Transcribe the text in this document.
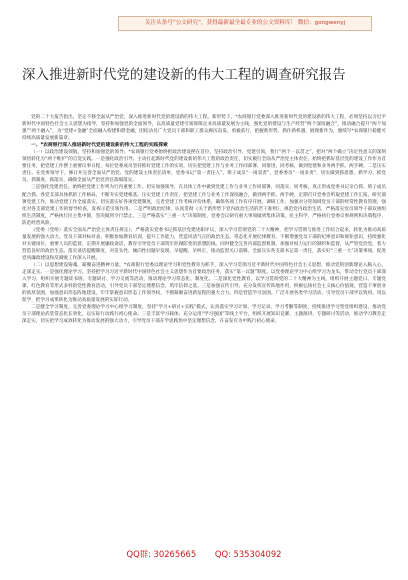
关注头条号“公文研究”，获得最新最全最专业的公文资料库！ 微信：gongwenyj
深入推进新时代党的建设新的伟大工程的调查研究报告

党的二十大报告指出，坚定不移全面从严治党，深入推进新时代党的建设新的伟大工程。新形势下，*农商银行党委深入推进新时代党的建设新的伟大工程，必须坚持以习近平新时代中国特色社会主义思想为指导，坚持和加强党的全面领导，以高质量党建引领保障企业高质量发展为主线，强化党的建设与生产经营“两个深度融合”，推动融合提升“两个加强”“两个融入”，为“党建+金融”全面融入构建和谐金融，团结动员广大党员干部和职工群众踔厉奋发、勇毅前行，把握新形势、抓住新机遇，展现新作为，强续写*农商银行稳健可持续高质量发展新篇章。

一、*农商银行深入推进新时代党的建设新的伟大工程的实践探索

（一）以政治建设领航，坚持和加强党的领导。*农商银行党委始终把政治建设摆在首位，坚持政治引导、党建引领，我行“两个一以贯之”，把对“两个确立”决定性意义的深刻领悟转化为“两个维护”的自觉实践。一是强化政治引导。主动扛起新时代党的建设新的伟大工程的政治责任，切实履行全面从严治党主体责任，始终把抓好基层党的建设工作作为首要任务，把党建工作摆上重要议事日程，每位党委成员坚持抓好党建工作的实效，切实把党建工作与业务工作同部署、同推进、同考核，做到党建和业务两手抓、两手硬。二是压实责任。在党委领导下，修订并完善全面从严治党、党的建设主体责任清单，党委书记“第一责任人”，班子成员“一岗双责”，党委委员“一岗多责”，切实做到抓思想、抓学习、抓党员、抓制度、抓落实，确保全面从严治党责任落细落实。

三是强化党建责任。始终把党建工作列为行内重要工作。切实加强领导，在具体工作中做到党建工作与业务工作同部署、同落实、同考核，真正形成党委书记亲自抓、班子成员配合抓、各党支部具体抓的工作格局，不断夯实党建根基。压实党建工作责任，把党建工作与业务工作深度融合，做到两手抓、两手硬，定期召开党委会听取党建工作汇报，研究部署党建工作，推动党建工作全面落实。切实落实好各项党建制度，完善党建工作考核评价体系，确保各项工作有序开展。调研工作、加强对分管领域党员干部的经常性教育管理，强化对各支部党建工作的督导检查，发挥示范引领作用。二是严明政治纪律。认真贯彻《关于新形势下党内政治生活的若干准则》，规范党内政治生活，严格落实党员领导干部双重组织生活制度，严格执行民主集中制，坚决做到令行禁止。三是严格落实“三重一大”决策制度，党委会议研究重大事项做到集体决策、民主科学，严格执行党委议事规则和决策程序，防范经营风险。

《党委（党组）落实全面从严治党主体责任规定》，严格落实党委书记抓基层党建述职评议，深入学习贯彻党的二十大精神，把学习贯彻与推进工作结合起来，转化为推动高质量发展的强大动力。党员干部对标对表，积极参加教育培训，提升工作能力，营造风清气正的政治生态。常态化开展纪律教育，不断增强党员干部的纪律意识和规矩意识，持续强化对关键岗位、重要人员的监督，定期开展廉政谈话，教育引导党员干部筑牢拒腐防变的思想防线。同时健全完善内部监督机制，加强对权力运行的制约和监督，从严管党治党，着力营造良好的政治生态。落实谈话提醒制度，对苗头性、倾向性问题早发现、早提醒、早纠正，推动监督关口前移。全面压实各支部书记第一责任，落实好“三重一大”决策事项，促进党风廉政建设和反腐败工作深入开展。

（二）以思想建设铸魂，凝聚奋进精神力量。*农商银行党委以理论学习和党性教育为抓手，深入学习贯彻习近平新时代中国特色社会主义思想，推动党的创新理论入脑入心、走深走实。一是强化理论学习。坚持把学习习近平新时代中国特色社会主义思想作为首要政治任务，落实“第一议题”制度。以党委理论学习中心组学习为龙头，带动全行党员干部深入学习，组织开展专题读书班、专题研讨、学习交流等活动，推动理论学习常态化、制度化。二是深化党性教育。以学习贯彻党的二十大精神为主线，组织开展主题党日、专题党课、红色教育等形式多样的党性教育活动，引导党员干部坚定理想信念，筑牢信仰之基。三是加强宣传引导。充分发挥宣传阵地作用，积极弘扬社会主义核心价值观，营造干事创业的浓厚氛围，加强意识形态阵地建设，牢牢掌握意识形态工作领导权，不断凝聚奋进新征程的强大合力。四是营造学习氛围。广泛开展各类学习活动，引导党员干部学以致用、用以促学，把学习成果转化为推动高质量发展的实际行动。

二是健全学习制度。完善党委理论学习中心组学习制度，坚持“学习+研讨+实践”模式，认真落实学习计划、学习记录、学习考勤等制度，持续推进学习型党组织建设，推动党员干部理论武装常态化长效化，以实际行动践行初心使命。三是丰富学习载体。充分运用“学习强国”等线上平台，组织开展知识竞赛、主题演讲、专题研讨等活动，推动学习教育走深走实，切实把学习成效转化为推动发展的强大动力，引导党员干部在学思践悟中坚定理想信念，在奋发有为中践行初心使命。

QQ群: 30265665 QQ: 535304092
